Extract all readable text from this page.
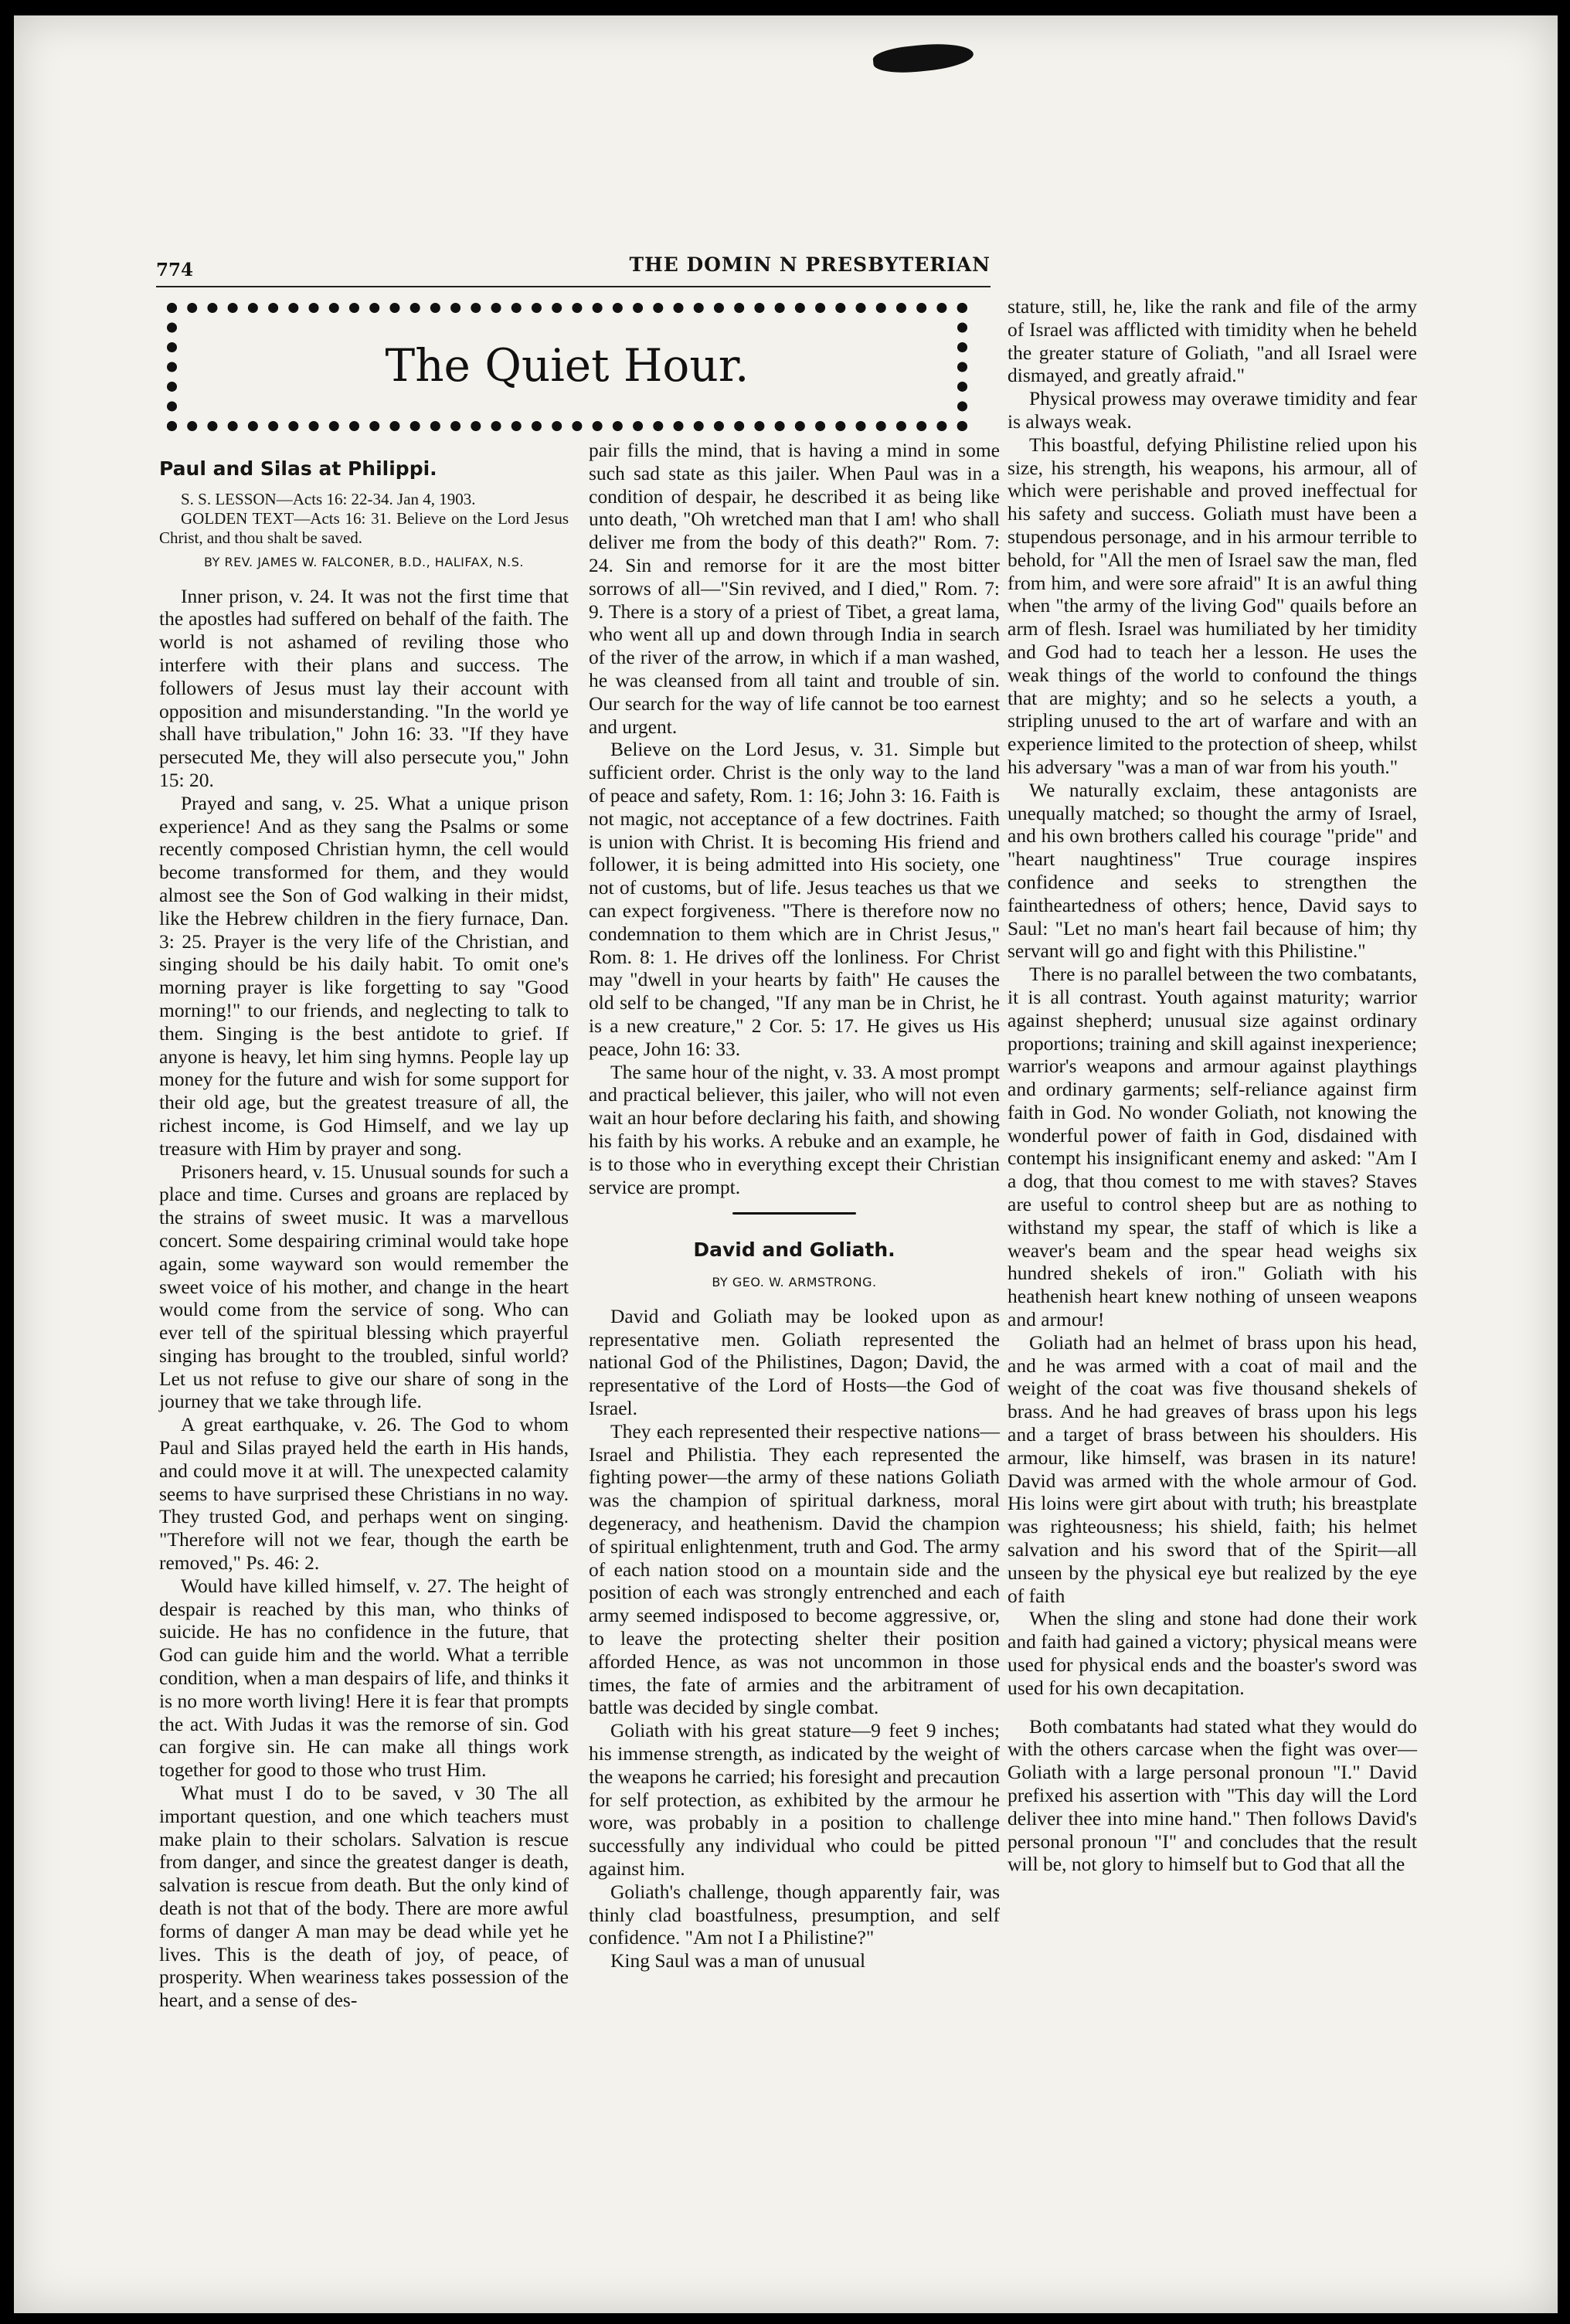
774	THE DOMIN N PRESBYTERIAN
The Quiet Hour.
Paul and Silas at Philippi.

S. S. LESSON—Acts 16: 22-34. Jan 4, 1903.

GOLDEN TEXT—Acts 16: 31. Believe on the Lord Jesus Christ, and thou shalt be saved.

BY REV. JAMES W. FALCONER, B.D., HALIFAX, N.S.

Inner prison, v. 24. It was not the first time that the apostles had suffered on behalf of the faith. The world is not ashamed of reviling those who interfere with their plans and success. The followers of Jesus must lay their account with opposition and misunderstanding. "In the world ye shall have tribulation," John 16: 33. "If they have persecuted Me, they will also persecute you," John 15: 20.

Prayed and sang, v. 25. What a unique prison experience! And as they sang the Psalms or some recently composed Christian hymn, the cell would become transformed for them, and they would almost see the Son of God walking in their midst, like the Hebrew children in the fiery furnace, Dan. 3: 25. Prayer is the very life of the Christian, and singing should be his daily habit. To omit one's morning prayer is like forgetting to say "Good morning!" to our friends, and neglecting to talk to them. Singing is the best antidote to grief. If anyone is heavy, let him sing hymns. People lay up money for the future and wish for some support for their old age, but the greatest treasure of all, the richest income, is God Himself, and we lay up treasure with Him by prayer and song.

Prisoners heard, v. 15. Unusual sounds for such a place and time. Curses and groans are replaced by the strains of sweet music. It was a marvellous concert. Some despairing criminal would take hope again, some wayward son would remember the sweet voice of his mother, and change in the heart would come from the service of song. Who can ever tell of the spiritual blessing which prayerful singing has brought to the troubled, sinful world? Let us not refuse to give our share of song in the journey that we take through life.

A great earthquake, v. 26. The God to whom Paul and Silas prayed held the earth in His hands, and could move it at will. The unexpected calamity seems to have surprised these Christians in no way. They trusted God, and perhaps went on singing. "Therefore will not we fear, though the earth be removed," Ps. 46: 2.

Would have killed himself, v. 27. The height of despair is reached by this man, who thinks of suicide. He has no confidence in the future, that God can guide him and the world. What a terrible condition, when a man despairs of life, and thinks it is no more worth living! Here it is fear that prompts the act. With Judas it was the remorse of sin. God can forgive sin. He can make all things work together for good to those who trust Him.

What must I do to be saved, v 30 The all important question, and one which teachers must make plain to their scholars. Salvation is rescue from danger, and since the greatest danger is death, salvation is rescue from death. But the only kind of death is not that of the body. There are more awful forms of danger A man may be dead while yet he lives. This is the death of joy, of peace, of prosperity. When weariness takes possession of the heart, and a sense of des-

pair fills the mind, that is having a mind in some such sad state as this jailer. When Paul was in a condition of despair, he described it as being like unto death, "Oh wretched man that I am! who shall deliver me from the body of this death?" Rom. 7: 24. Sin and remorse for it are the most bitter sorrows of all—"Sin revived, and I died," Rom. 7: 9. There is a story of a priest of Tibet, a great lama, who went all up and down through India in search of the river of the arrow, in which if a man washed, he was cleansed from all taint and trouble of sin. Our search for the way of life cannot be too earnest and urgent.

Believe on the Lord Jesus, v. 31. Simple but sufficient order. Christ is the only way to the land of peace and safety, Rom. 1: 16; John 3: 16. Faith is not magic, not acceptance of a few doctrines. Faith is union with Christ. It is becoming His friend and follower, it is being admitted into His society, one not of customs, but of life. Jesus teaches us that we can expect forgiveness. "There is therefore now no condemnation to them which are in Christ Jesus," Rom. 8: 1. He drives off the lonliness. For Christ may "dwell in your hearts by faith" He causes the old self to be changed, "If any man be in Christ, he is a new creature," 2 Cor. 5: 17. He gives us His peace, John 16: 33.

The same hour of the night, v. 33. A most prompt and practical believer, this jailer, who will not even wait an hour before declaring his faith, and showing his faith by his works. A rebuke and an example, he is to those who in everything except their Christian service are prompt.

David and Goliath.
BY GEO. W. ARMSTRONG.

David and Goliath may be looked upon as representative men. Goliath represented the national God of the Philistines, Dagon; David, the representative of the Lord of Hosts—the God of Israel.

They each represented their respective nations—Israel and Philistia. They each represented the fighting power—the army of these nations Goliath was the champion of spiritual darkness, moral degeneracy, and heathenism. David the champion of spiritual enlightenment, truth and God. The army of each nation stood on a mountain side and the position of each was strongly entrenched and each army seemed indisposed to become aggressive, or, to leave the protecting shelter their position afforded Hence, as was not uncommon in those times, the fate of armies and the arbitrament of battle was decided by single combat.

Goliath with his great stature—9 feet 9 inches; his immense strength, as indicated by the weight of the weapons he carried; his foresight and precaution for self protection, as exhibited by the armour he wore, was probably in a position to challenge successfully any individual who could be pitted against him.

Goliath's challenge, though apparently fair, was thinly clad boastfulness, presumption, and self confidence. "Am not I a Philistine?"

King Saul was a man of unusual

stature, still, he, like the rank and file of the army of Israel was afflicted with timidity when he beheld the greater stature of Goliath, "and all Israel were dismayed, and greatly afraid."

Physical prowess may overawe timidity and fear is always weak.

This boastful, defying Philistine relied upon his size, his strength, his weapons, his armour, all of which were perishable and proved ineffectual for his safety and success. Goliath must have been a stupendous personage, and in his armour terrible to behold, for "All the men of Israel saw the man, fled from him, and were sore afraid" It is an awful thing when "the army of the living God" quails before an arm of flesh. Israel was humiliated by her timidity and God had to teach her a lesson. He uses the weak things of the world to confound the things that are mighty; and so he selects a youth, a stripling unused to the art of warfare and with an experience limited to the protection of sheep, whilst his adversary "was a man of war from his youth."

We naturally exclaim, these antagonists are unequally matched; so thought the army of Israel, and his own brothers called his courage "pride" and "heart naughtiness" True courage inspires confidence and seeks to strengthen the faintheartedness of others; hence, David says to Saul: "Let no man's heart fail because of him; thy servant will go and fight with this Philistine."

There is no parallel between the two combatants, it is all contrast. Youth against maturity; warrior against shepherd; unusual size against ordinary proportions; training and skill against inexperience; warrior's weapons and armour against playthings and ordinary garments; self-reliance against firm faith in God. No wonder Goliath, not knowing the wonderful power of faith in God, disdained with contempt his insignificant enemy and asked: "Am I a dog, that thou comest to me with staves? Staves are useful to control sheep but are as nothing to withstand my spear, the staff of which is like a weaver's beam and the spear head weighs six hundred shekels of iron." Goliath with his heathenish heart knew nothing of unseen weapons and armour!

Goliath had an helmet of brass upon his head, and he was armed with a coat of mail and the weight of the coat was five thousand shekels of brass. And he had greaves of brass upon his legs and a target of brass between his shoulders. His armour, like himself, was brasen in its nature! David was armed with the whole armour of God. His loins were girt about with truth; his breastplate was righteousness; his shield, faith; his helmet salvation and his sword that of the Spirit—all unseen by the physical eye but realized by the eye of faith

When the sling and stone had done their work and faith had gained a victory; physical means were used for physical ends and the boaster's sword was used for his own decapitation.

Both combatants had stated what they would do with the others carcase when the fight was over—Goliath with a large personal pronoun "I." David prefixed his assertion with "This day will the Lord deliver thee into mine hand." Then follows David's personal pronoun "I" and concludes that the result will be, not glory to himself but to God that all the
